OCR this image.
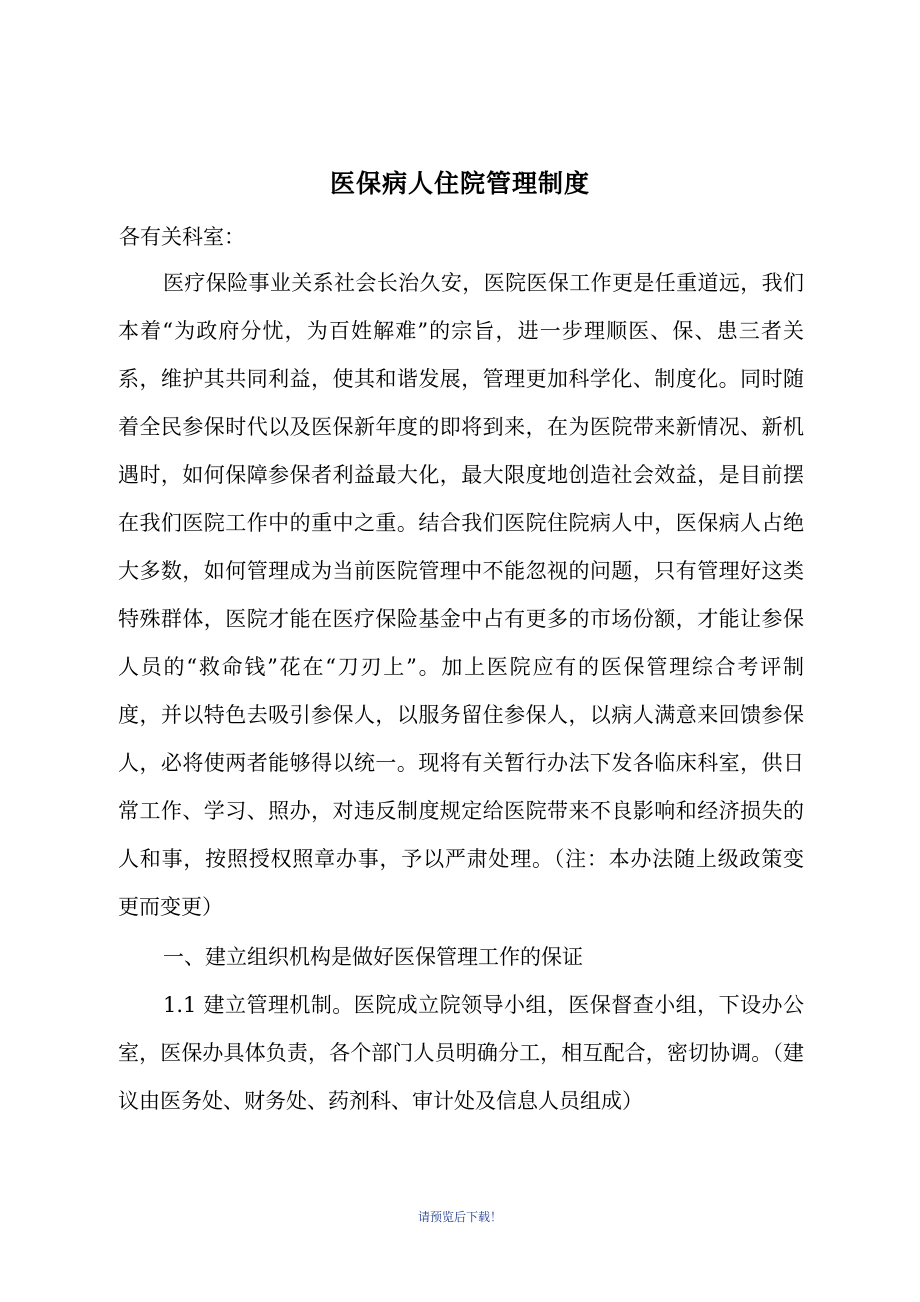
医保病人住院管理制度
各有关科室：
医疗保险事业关系社会长治久安，医院医保工作更是任重道远，我们
本着“为政府分忧，为百姓解难”的宗旨，进一步理顺医、保、患三者关
系，维护其共同利益，使其和谐发展，管理更加科学化、制度化。同时随
着全民参保时代以及医保新年度的即将到来，在为医院带来新情况、新机
遇时，如何保障参保者利益最大化，最大限度地创造社会效益，是目前摆
在我们医院工作中的重中之重。结合我们医院住院病人中，医保病人占绝
大多数，如何管理成为当前医院管理中不能忽视的问题，只有管理好这类
特殊群体，医院才能在医疗保险基金中占有更多的市场份额，才能让参保
人员的“救命钱”花在“刀刃上”。加上医院应有的医保管理综合考评制
度，并以特色去吸引参保人，以服务留住参保人，以病人满意来回馈参保
人，必将使两者能够得以统一。现将有关暂行办法下发各临床科室，供日
常工作、学习、照办，对违反制度规定给医院带来不良影响和经济损失的
人和事，按照授权照章办事，予以严肃处理。（注：本办法随上级政策变
更而变更）
一、建立组织机构是做好医保管理工作的保证
1.1 建立管理机制。医院成立院领导小组，医保督查小组，下设办公
室，医保办具体负责，各个部门人员明确分工，相互配合，密切协调。（建
议由医务处、财务处、药剂科、审计处及信息人员组成）
请预览后下载！
